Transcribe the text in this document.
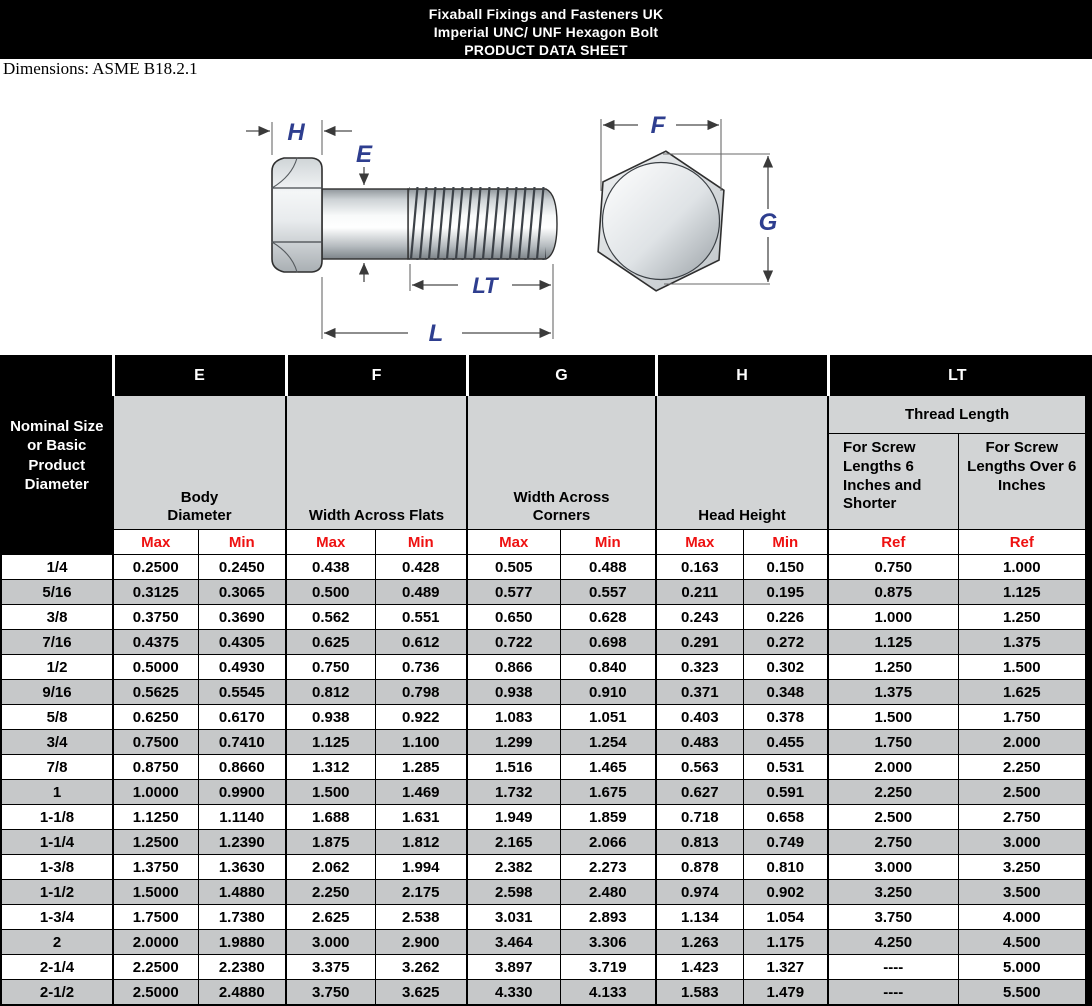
Fixaball Fixings and Fasteners UK
Imperial UNC/ UNF Hexagon Bolt
PRODUCT DATA SHEET
Dimensions: ASME B18.2.1
H
E
LT
L
F
G
Nominal Size or Basic Product Diameter	E		F		G		H		LT	
	Body Diameter		Width Across Flats		Width Across Corners		Head Height		Thread Length	
									For Screw Lengths 6 Inches and Shorter	For Screw Lengths Over 6 Inches
	Max	Min	Max	Min	Max	Min	Max	Min	Ref	Ref
1/4	0.2500	0.2450	0.438	0.428	0.505	0.488	0.163	0.150	0.750	1.000
5/16	0.3125	0.3065	0.500	0.489	0.577	0.557	0.211	0.195	0.875	1.125
3/8	0.3750	0.3690	0.562	0.551	0.650	0.628	0.243	0.226	1.000	1.250
7/16	0.4375	0.4305	0.625	0.612	0.722	0.698	0.291	0.272	1.125	1.375
1/2	0.5000	0.4930	0.750	0.736	0.866	0.840	0.323	0.302	1.250	1.500
9/16	0.5625	0.5545	0.812	0.798	0.938	0.910	0.371	0.348	1.375	1.625
5/8	0.6250	0.6170	0.938	0.922	1.083	1.051	0.403	0.378	1.500	1.750
3/4	0.7500	0.7410	1.125	1.100	1.299	1.254	0.483	0.455	1.750	2.000
7/8	0.8750	0.8660	1.312	1.285	1.516	1.465	0.563	0.531	2.000	2.250
1	1.0000	0.9900	1.500	1.469	1.732	1.675	0.627	0.591	2.250	2.500
1-1/8	1.1250	1.1140	1.688	1.631	1.949	1.859	0.718	0.658	2.500	2.750
1-1/4	1.2500	1.2390	1.875	1.812	2.165	2.066	0.813	0.749	2.750	3.000
1-3/8	1.3750	1.3630	2.062	1.994	2.382	2.273	0.878	0.810	3.000	3.250
1-1/2	1.5000	1.4880	2.250	2.175	2.598	2.480	0.974	0.902	3.250	3.500
1-3/4	1.7500	1.7380	2.625	2.538	3.031	2.893	1.134	1.054	3.750	4.000
2	2.0000	1.9880	3.000	2.900	3.464	3.306	1.263	1.175	4.250	4.500
2-1/4	2.2500	2.2380	3.375	3.262	3.897	3.719	1.423	1.327	----	5.000
2-1/2	2.5000	2.4880	3.750	3.625	4.330	4.133	1.583	1.479	----	5.500
